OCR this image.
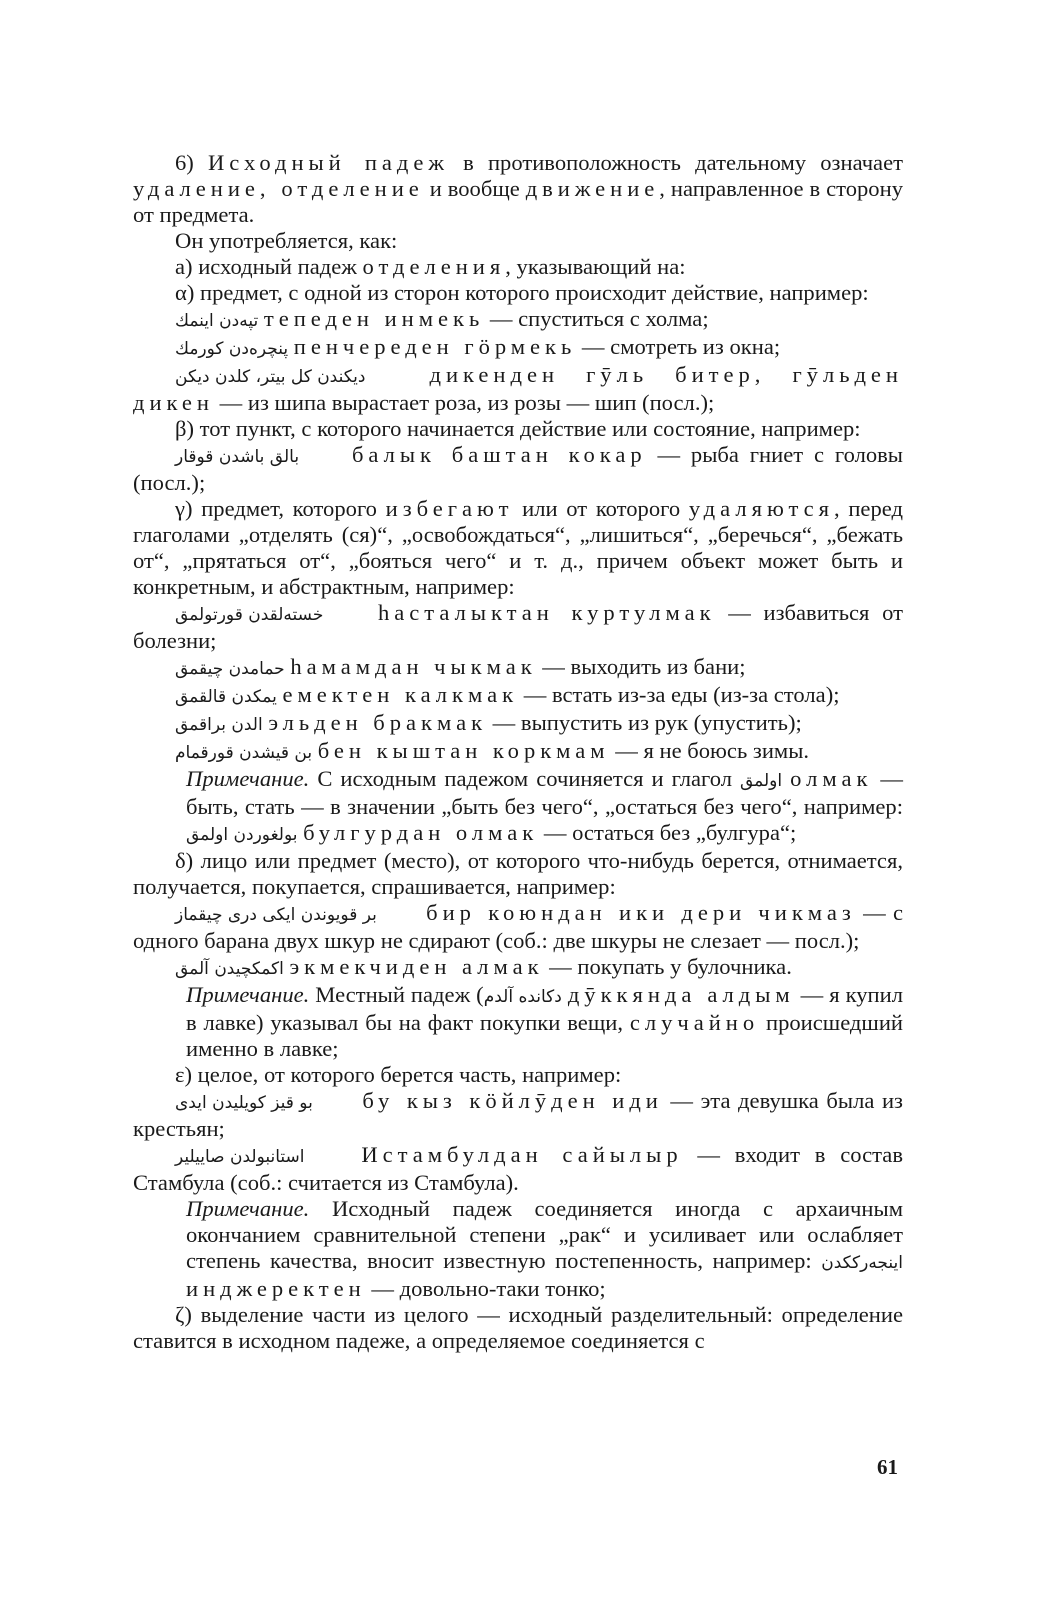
6) Исходный падеж в противоположность дательному означает удаление, отделение и вообще движение, направленное в сторону от предмета.

Он употребляется, как:

а) исходный падеж отделения, указывающий на:

α) предмет, с одной из сторон которого происходит действие, например:

تپه‌دن اینمك тепеден инмекь — спуститься с холма;

پنچره‌دن كورمك пенчереден гӧрмекь — смотреть из окна;

دیكندن كل بیتر، كلدن دیكن	дикенден гӯль битер, гӯльден дикен — из шипа вырастает роза, из розы — шип (посл.);

β) тот пункт, с которого начинается действие или состояние, например:

بالق باشدن قوقار балык баштан кокар — рыба гниет с головы (посл.);

γ) предмет, которого избегают или от которого удаляются, перед глаголами „отделять (ся)“, „освобождаться“, „лишиться“, „беречься“, „бежать от“, „прятаться от“, „бояться чего“ и т. д., причем объект может быть и конкретным, и абстрактным, например:

خسته‌لقدن قورتولمق hасталыктан куртулмак — избавиться от болезни;

حمامدن چیقمق hамамдан чыкмак — выходить из бани;

یمكدن قالقمق емектен калкмак — встать из-за еды (из-за стола);

الدن براقمق эльден бракмак — выпустить из рук (упустить);

بن قیشدن قورقمام бен кыштан коркмам — я не боюсь зимы.

Примечание. С исходным падежом сочиняется и глагол اولمق олмак — быть, стать — в значении „быть без чего“, „остаться без чего“, например: بولغوردن اولمق булгурдан олмак — остаться без „булгура“;

δ) лицо или предмет (место), от которого что-нибудь берется, отнимается, получается, покупается, спрашивается, например:

بر قویوندن ایكی دری چیقماز бир коюндан ики дери чикмаз — с одного барана двух шкур не сдирают (соб.: две шкуры не слезает — посл.);

اكمكچیدن آلمق экмекчиден алмак — покупать у булочника.

Примечание. Местный падеж (دكانده آلدم дӯккянда алдым — я купил в лавке) указывал бы на факт покупки вещи, случайно происшедший именно в лавке;

ε) целое, от которого берется часть, например:

بو قیز كویلیدن ایدی бу кыз кӧйлӯден иди — эта девушка была из крестьян;

استانبولدن صاییلیر	Истамбулдан сайылыр — входит в состав Стамбула (соб.: считается из Стамбула).

Примечание. Исходный падеж соединяется иногда с архаичным окончанием сравнительной степени „рак“ и усиливает или ослабляет степень качества, вносит известную постепенность, например: اینجه‌رككدن инджеректен — довольно-таки тонко;

ζ) выделение части из целого — исходный разделительный: определение ставится в исходном падеже, а определяемое соединяется с

61
